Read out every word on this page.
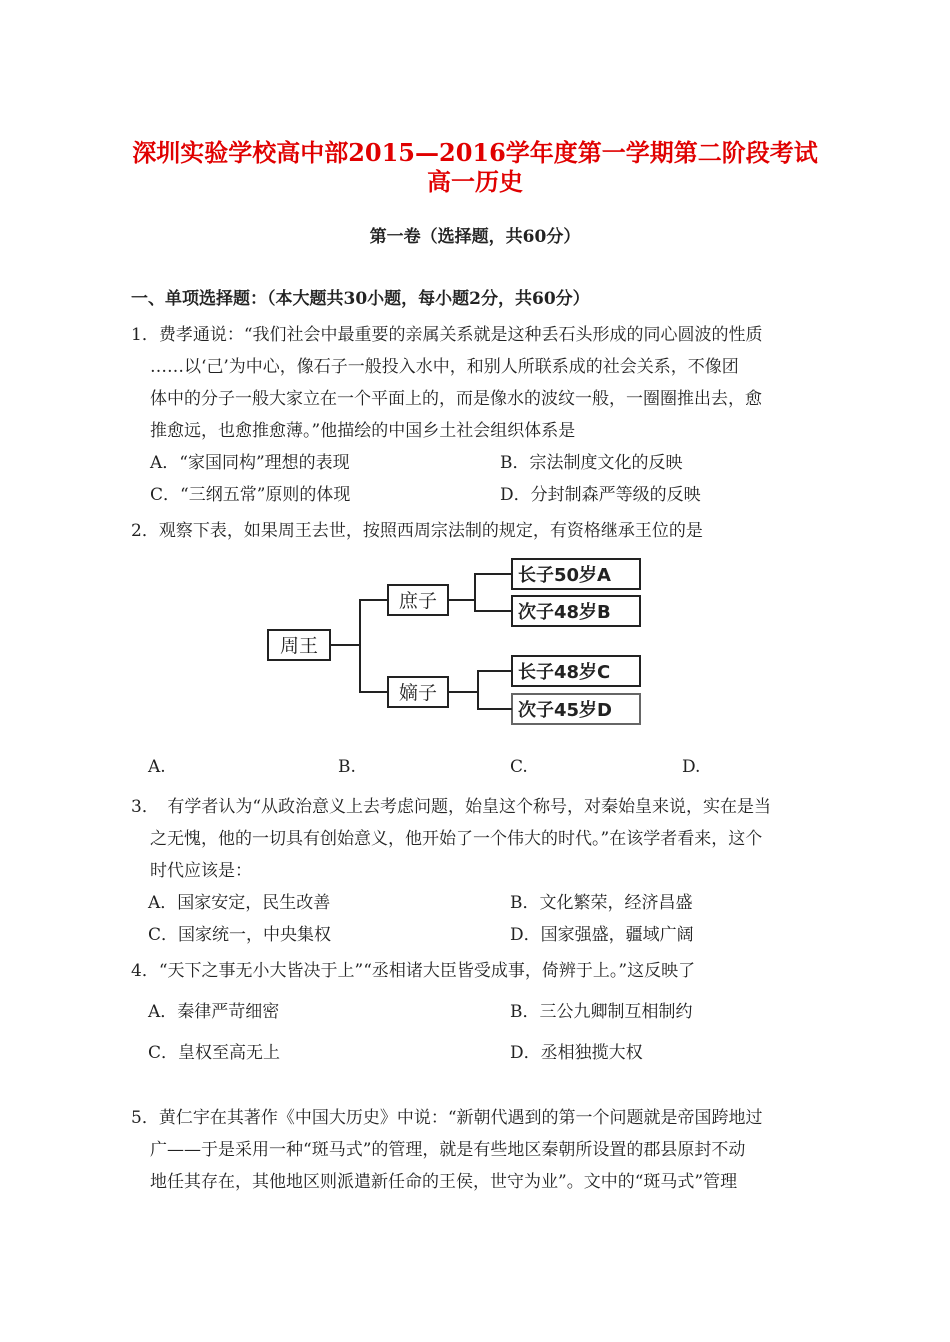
深圳实验学校高中部2015—2016学年度第一学期第二阶段考试
高一历史
第一卷（选择题，共60分）
一、单项选择题：（本大题共30小题，每小题2分，共60分）
1．费孝通说：“我们社会中最重要的亲属关系就是这种丢石头形成的同心圆波的性质
……以‘己’为中心，像石子一般投入水中，和别人所联系成的社会关系，不像团
体中的分子一般大家立在一个平面上的，而是像水的波纹一般，一圈圈推出去，愈
推愈远，也愈推愈薄。”他描绘的中国乡土社会组织体系是
A．“家国同构”理想的表现	B．宗法制度文化的反映
C．“三纲五常”原则的体现	D．分封制森严等级的反映
2．观察下表，如果周王去世，按照西周宗法制的规定，有资格继承王位的是
周王
庶子
嫡子
长子50岁A
次子48岁B
长子48岁C
次子45岁D
A.	B.	C.	D.
3．　有学者认为“从政治意义上去考虑问题，始皇这个称号，对秦始皇来说，实在是当
之无愧，他的一切具有创始意义，他开始了一个伟大的时代。”在该学者看来，这个
时代应该是：
A．国家安定，民生改善	B．文化繁荣，经济昌盛
C．国家统一，中央集权	D．国家强盛，疆域广阔
4．“天下之事无小大皆决于上”“丞相诸大臣皆受成事，倚辨于上。”这反映了
A．秦律严苛细密	B．三公九卿制互相制约
C．皇权至高无上	D．丞相独揽大权
5．黄仁宇在其著作《中国大历史》中说：“新朝代遇到的第一个问题就是帝国跨地过
广——于是采用一种“斑马式”的管理，就是有些地区秦朝所设置的郡县原封不动
地任其存在，其他地区则派遣新任命的王侯，世守为业”。文中的“斑马式”管理
